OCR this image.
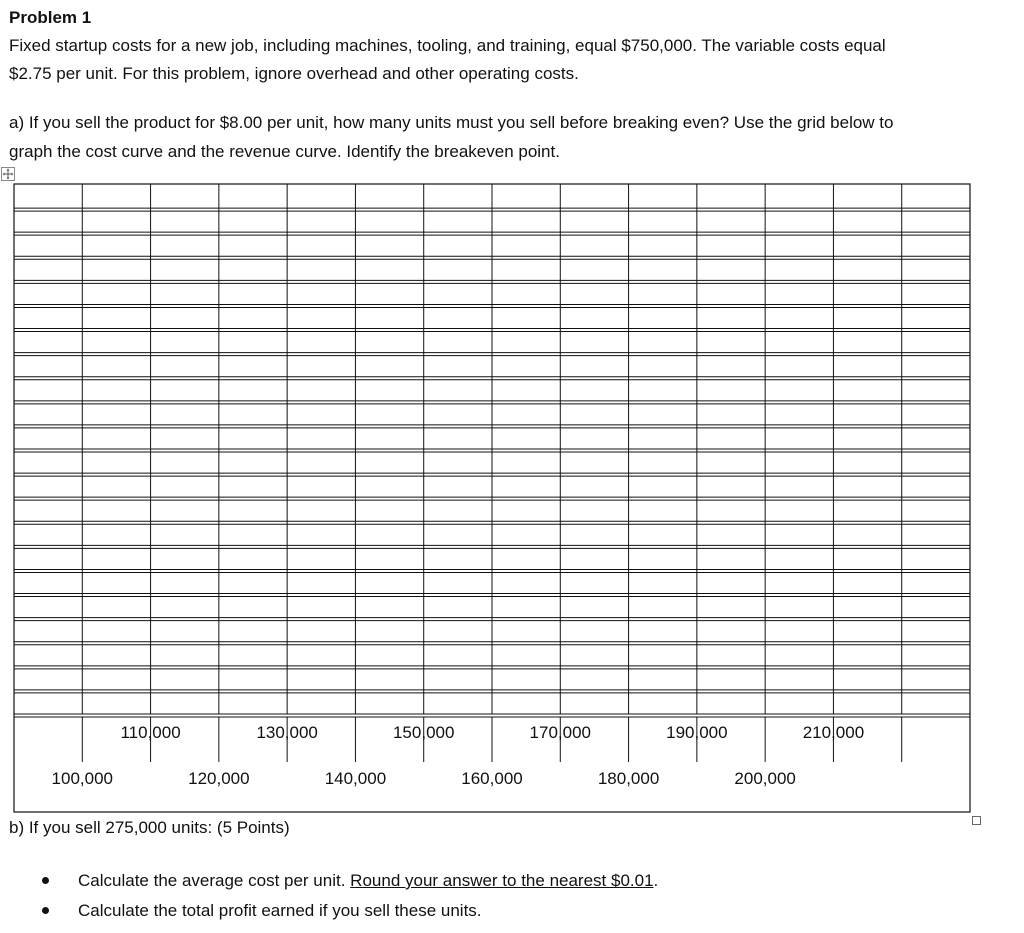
Problem 1
Fixed startup costs for a new job, including machines, tooling, and training, equal $750,000. The variable costs equal
$2.75 per unit. For this problem, ignore overhead and other operating costs.
a) If you sell the product for $8.00 per unit, how many units must you sell before breaking even? Use the grid below to
graph the cost curve and the revenue curve. Identify the breakeven point.
110,000	130,000	150,000	170,000	190,000	210,000
100,000	120,000	140,000	160,000	180,000	200,000
b) If you sell 275,000 units: (5 Points)
Calculate the average cost per unit. Round your answer to the nearest $0.01.
Calculate the total profit earned if you sell these units.
